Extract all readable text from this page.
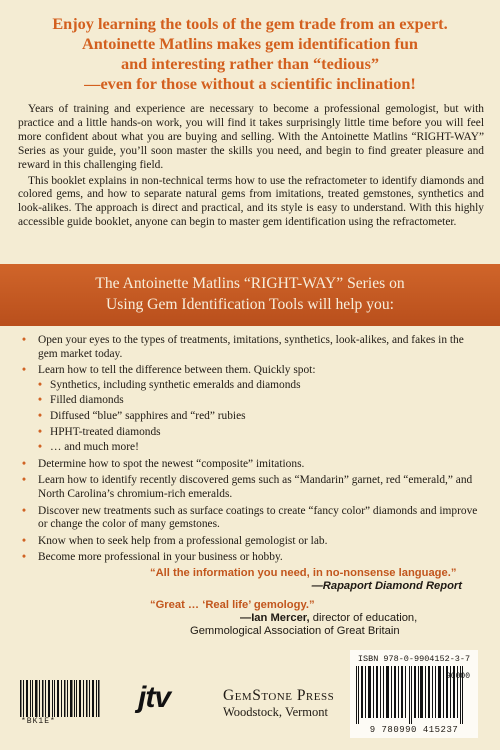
Enjoy learning the tools of the gem trade from an expert.
Antoinette Matlins makes gem identification fun
and interesting rather than “tedious”
—even for those without a scientific inclination!

Years of training and experience are necessary to become a professional gemologist, but with practice and a little hands-on work, you will find it takes surprisingly little time before you will feel more confident about what you are buying and selling. With the Antoinette Matlins “RIGHT-WAY” Series as your guide, you’ll soon master the skills you need, and begin to find greater pleasure and reward in this challenging field.

This booklet explains in non-technical terms how to use the refractometer to identify diamonds and colored gems, and how to separate natural gems from imitations, treated gemstones, synthetics and look-alikes. The approach is direct and practical, and its style is easy to understand. With this highly accessible guide booklet, anyone can begin to master gem identification using the refractometer.

The Antoinette Matlins “RIGHT-WAY” Series on
Using Gem Identification Tools will help you:
• Open your eyes to the types of treatments, imitations, synthetics, look-alikes, and fakes in the gem market today.
• Learn how to tell the difference between them. Quickly spot:
• Synthetics, including synthetic emeralds and diamonds
• Filled diamonds
• Diffused “blue” sapphires and “red” rubies
• HPHT-treated diamonds
• … and much more!
• Determine how to spot the newest “composite” imitations.
• Learn how to identify recently discovered gems such as “Mandarin” garnet, red “emerald,” and North Carolina’s chromium-rich emeralds.
• Discover new treatments such as surface coatings to create “fancy color” diamonds and improve or change the color of many gemstones.
• Know when to seek help from a professional gemologist or lab.
• Become more professional in your business or hobby.
“All the information you need, in no-nonsense language.”
—Rapaport Diamond Report
“Great … ‘Real life’ gemology.”
—Ian Mercer, director of education,
Gemmological Association of Great Britain
*BK1E*
jtv	GemStone Press
Woodstock, Vermont
ISBN 978-0-9904152-3-7
90000
9 780990 415237
